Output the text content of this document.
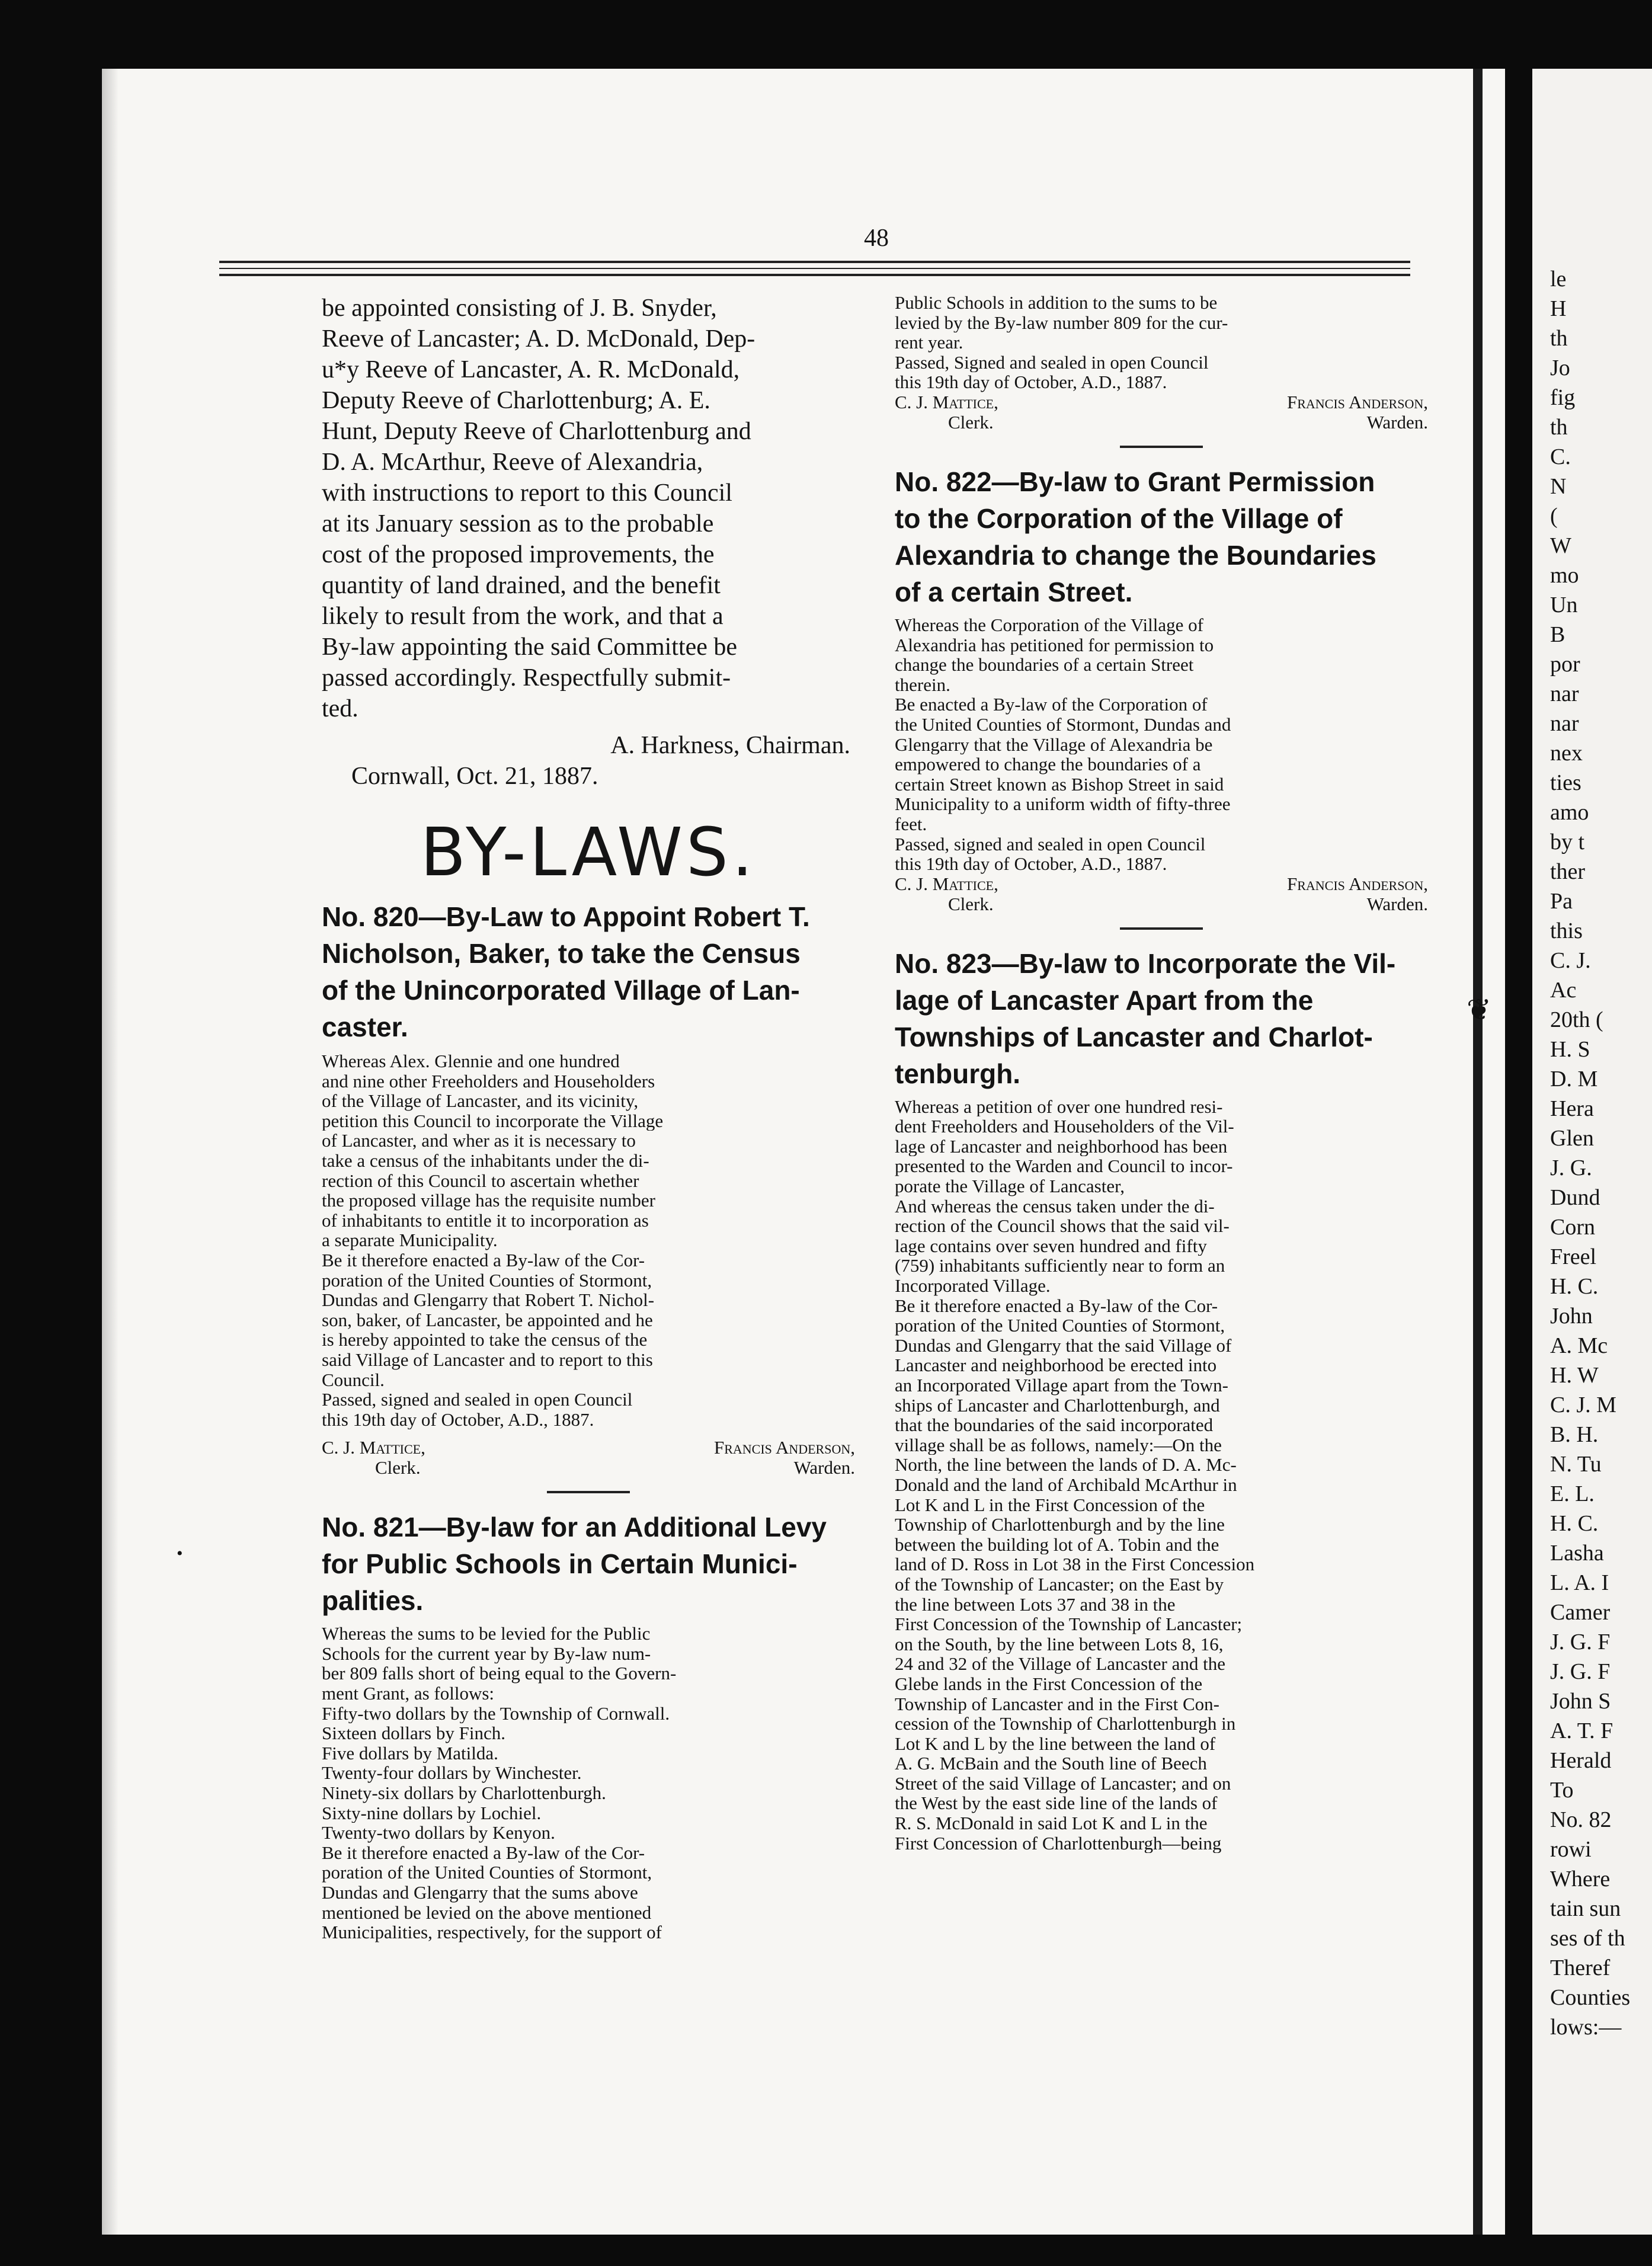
le
H
th
Jo
fig
th
C.
N
(
W
mo
Un
B
por
nar
nar
nex
ties
amo
by t
ther
Pa
this
C. J.
Ac
20th (
H. S
D. M
Hera
Glen
J. G.
Dund
Corn
Freel
H. C.
John
A. Mc
H. W
C. J. M
B. H.
N. Tu
E. L.
H. C.
Lasha
L. A. I
Camer
J. G. F
J. G. F
John S
A. T. F
Herald
To
No. 82
rowi
Where
tain sun
ses of th
Theref
Counties
lows:—
❦
•
48
be appointed consisting of J. B. Snyder,
Reeve of Lancaster; A. D. McDonald, Dep-
u*y Reeve of Lancaster, A. R. McDonald,
Deputy Reeve of Charlottenburg; A. E.
Hunt, Deputy Reeve of Charlottenburg and
D. A. McArthur, Reeve of Alexandria,
with instructions to report to this Council
at its January session as to the probable
cost of the proposed improvements, the
quantity of land drained, and the benefit
likely to result from the work, and that a
By-law appointing the said Committee be
passed accordingly. Respectfully submit-
ted.
A. Harkness, Chairman.
Cornwall, Oct. 21, 1887.
BY-LAWS.
No. 820—By-Law to Appoint Robert T.
Nicholson, Baker, to take the Census
of the Unincorporated Village of Lan-
caster.
Whereas Alex. Glennie and one hundred
and nine other Freeholders and Householders
of the Village of Lancaster, and its vicinity,
petition this Council to incorporate the Village
of Lancaster, and wher as it is necessary to
take a census of the inhabitants under the di-
rection of this Council to ascertain whether
the proposed village has the requisite number
of inhabitants to entitle it to incorporation as
a separate Municipality.
Be it therefore enacted a By-law of the Cor-
poration of the United Counties of Stormont,
Dundas and Glengarry that Robert T. Nichol-
son, baker, of Lancaster, be appointed and he
is hereby appointed to take the census of the
said Village of Lancaster and to report to this
Council.
Passed, signed and sealed in open Council
this 19th day of October, A.D., 1887.
C. J. Mattice,	Francis Anderson,
Clerk.	Warden.
No. 821—By-law for an Additional Levy
for Public Schools in Certain Munici-
palities.
Whereas the sums to be levied for the Public
Schools for the current year by By-law num-
ber 809 falls short of being equal to the Govern-
ment Grant, as follows:
Fifty-two dollars by the Township of Cornwall.
Sixteen dollars by Finch.
Five dollars by Matilda.
Twenty-four dollars by Winchester.
Ninety-six dollars by Charlottenburgh.
Sixty-nine dollars by Lochiel.
Twenty-two dollars by Kenyon.
Be it therefore enacted a By-law of the Cor-
poration of the United Counties of Stormont,
Dundas and Glengarry that the sums above
mentioned be levied on the above mentioned
Municipalities, respectively, for the support of
Public Schools in addition to the sums to be
levied by the By-law number 809 for the cur-
rent year.
Passed, Signed and sealed in open Council
this 19th day of October, A.D., 1887.
C. J. Mattice,	Francis Anderson,
Clerk.	Warden.
No. 822—By-law to Grant Permission
to the Corporation of the Village of
Alexandria to change the Boundaries
of a certain Street.
Whereas the Corporation of the Village of
Alexandria has petitioned for permission to
change the boundaries of a certain Street
therein.
Be enacted a By-law of the Corporation of
the United Counties of Stormont, Dundas and
Glengarry that the Village of Alexandria be
empowered to change the boundaries of a
certain Street known as Bishop Street in said
Municipality to a uniform width of fifty-three
feet.
Passed, signed and sealed in open Council
this 19th day of October, A.D., 1887.
C. J. Mattice,	Francis Anderson,
Clerk.	Warden.
No. 823—By-law to Incorporate the Vil-
lage of Lancaster Apart from the
Townships of Lancaster and Charlot-
tenburgh.
Whereas a petition of over one hundred resi-
dent Freeholders and Householders of the Vil-
lage of Lancaster and neighborhood has been
presented to the Warden and Council to incor-
porate the Village of Lancaster,
And whereas the census taken under the di-
rection of the Council shows that the said vil-
lage contains over seven hundred and fifty
(759) inhabitants sufficiently near to form an
Incorporated Village.
Be it therefore enacted a By-law of the Cor-
poration of the United Counties of Stormont,
Dundas and Glengarry that the said Village of
Lancaster and neighborhood be erected into
an Incorporated Village apart from the Town-
ships of Lancaster and Charlottenburgh, and
that the boundaries of the said incorporated
village shall be as follows, namely:—On the
North, the line between the lands of D. A. Mc-
Donald and the land of Archibald McArthur in
Lot K and L in the First Concession of the
Township of Charlottenburgh and by the line
between the building lot of A. Tobin and the
land of D. Ross in Lot 38 in the First Concession
of the Township of Lancaster; on the East by
the line between Lots 37 and 38 in the
First Concession of the Township of Lancaster;
on the South, by the line between Lots 8, 16,
24 and 32 of the Village of Lancaster and the
Glebe lands in the First Concession of the
Township of Lancaster and in the First Con-
cession of the Township of Charlottenburgh in
Lot K and L by the line between the land of
A. G. McBain and the South line of Beech
Street of the said Village of Lancaster; and on
the West by the east side line of the lands of
R. S. McDonald in said Lot K and L in the
First Concession of Charlottenburgh—being
